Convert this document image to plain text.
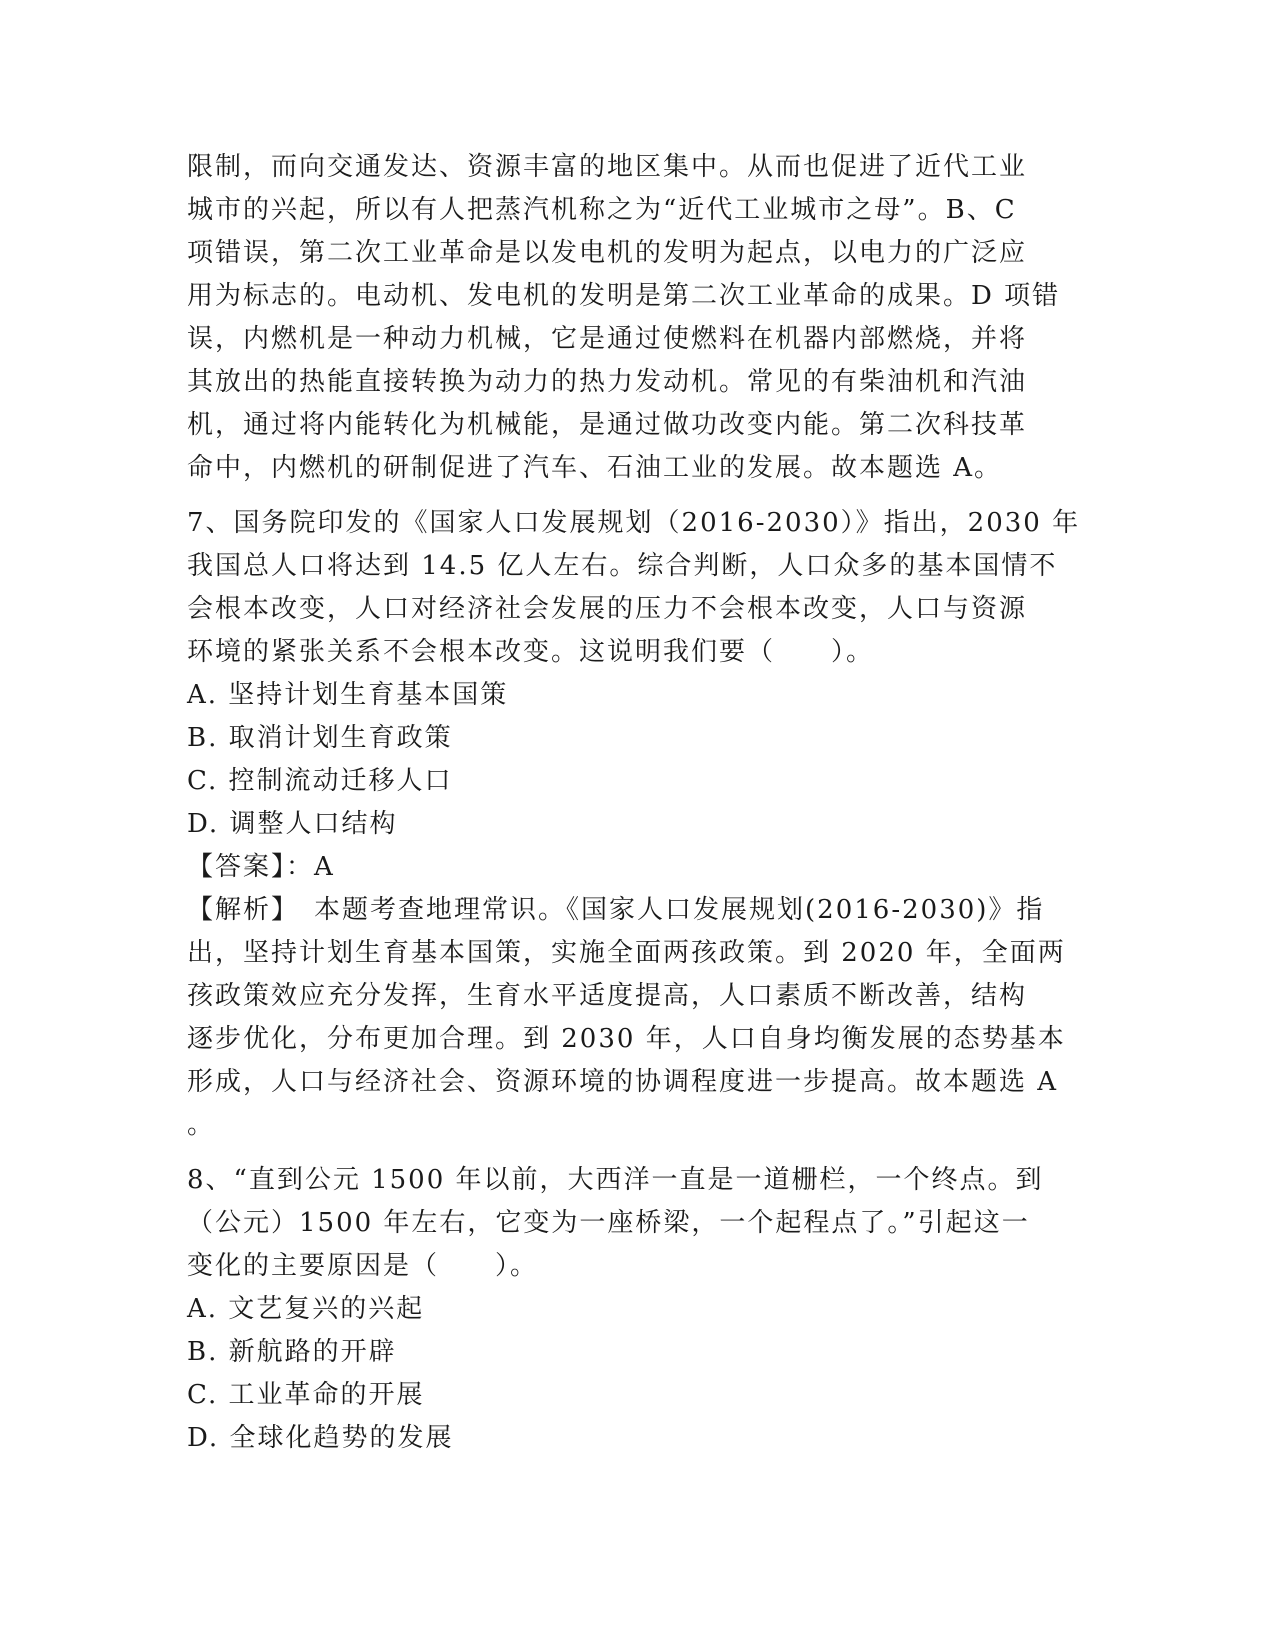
限制，而向交通发达、资源丰富的地区集中。从而也促进了近代工业
城市的兴起，所以有人把蒸汽机称之为“近代工业城市之母”。B、C
项错误，第二次工业革命是以发电机的发明为起点，以电力的广泛应
用为标志的。电动机、发电机的发明是第二次工业革命的成果。D 项错
误，内燃机是一种动力机械，它是通过使燃料在机器内部燃烧，并将
其放出的热能直接转换为动力的热力发动机。常见的有柴油机和汽油
机，通过将内能转化为机械能，是通过做功改变内能。第二次科技革
命中，内燃机的研制促进了汽车、石油工业的发展。故本题选 A。
7、国务院印发的《国家人口发展规划（2016-2030）》指出，2030 年
我国总人口将达到 14.5 亿人左右。综合判断，人口众多的基本国情不
会根本改变，人口对经济社会发展的压力不会根本改变，人口与资源
环境的紧张关系不会根本改变。这说明我们要（　　）。
A. 坚持计划生育基本国策
B. 取消计划生育政策
C. 控制流动迁移人口
D. 调整人口结构
【答案】：A
【解析】　本题考查地理常识。《国家人口发展规划(2016-2030)》指
出，坚持计划生育基本国策，实施全面两孩政策。到 2020 年，全面两
孩政策效应充分发挥，生育水平适度提高，人口素质不断改善，结构
逐步优化，分布更加合理。到 2030 年，人口自身均衡发展的态势基本
形成，人口与经济社会、资源环境的协调程度进一步提高。故本题选 A
。
8、“直到公元 1500 年以前，大西洋一直是一道栅栏，一个终点。到
（公元）1500 年左右，它变为一座桥梁，一个起程点了。”引起这一
变化的主要原因是（　　）。
A. 文艺复兴的兴起
B. 新航路的开辟
C. 工业革命的开展
D. 全球化趋势的发展
